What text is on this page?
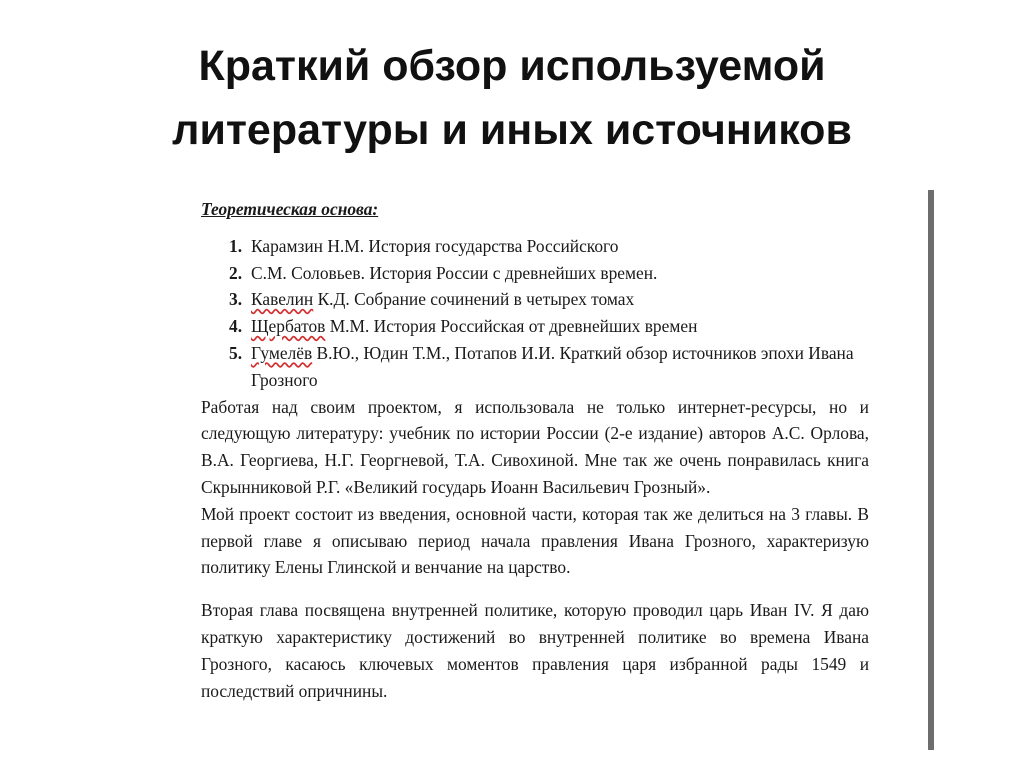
Краткий обзор используемой
литературы и иных источников

Теоретическая основа:

1. Карамзин Н.М. История государства Российского
2. С.М. Соловьев. История России с древнейших времен.
3. Кавелин К.Д. Собрание сочинений в четырех томах
4. Щербатов М.М. История Российская от древнейших времен
5. Гумелёв В.Ю., Юдин Т.М., Потапов И.И. Краткий обзор источников эпохи Ивана Грозного

Работая над своим проектом, я использовала не только интернет-ресурсы, но и следующую литературу: учебник по истории России (2-е издание) авторов А.С. Орлова, В.А. Георгиева, Н.Г. Георгневой, Т.А. Сивохиной. Мне так же очень понравилась книга Скрынниковой Р.Г. «Великий государь Иоанн Васильевич Грозный».

Мой проект состоит из введения, основной части, которая так же делиться на 3 главы. В первой главе я описываю период начала правления Ивана Грозного, характеризую политику Елены Глинской и венчание на царство.

Вторая глава посвящена внутренней политике, которую проводил царь Иван IV. Я даю краткую характеристику достижений во внутренней политике во времена Ивана Грозного, касаюсь ключевых моментов правления царя избранной рады 1549 и последствий опричнины.
